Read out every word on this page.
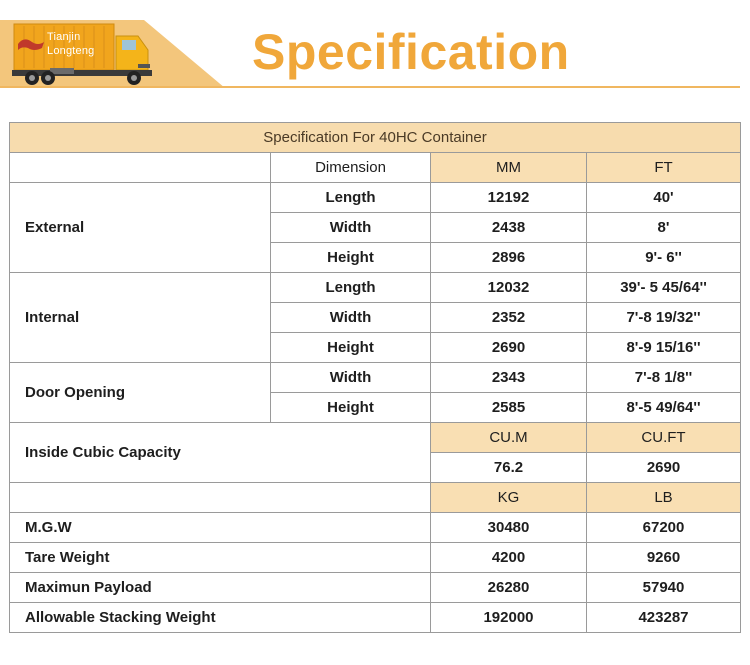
Tianjin
Longteng	Specification
Specification For 40HC Container			
	Dimension	MM	FT
External	Length	12192	40'
	Width	2438	8'
	Height	2896	9'- 6''
Internal	Length	12032	39'- 5 45/64''
	Width	2352	7'-8 19/32''
	Height	2690	8'-9 15/16''
Door Opening	Width	2343	7'-8 1/8''
	Height	2585	8'-5 49/64''
Inside Cubic Capacity		CU.M	CU.FT
		76.2	2690
		KG	LB
M.G.W		30480	67200
Tare Weight		4200	9260
Maximun Payload		26280	57940
Allowable Stacking Weight		192000	423287
